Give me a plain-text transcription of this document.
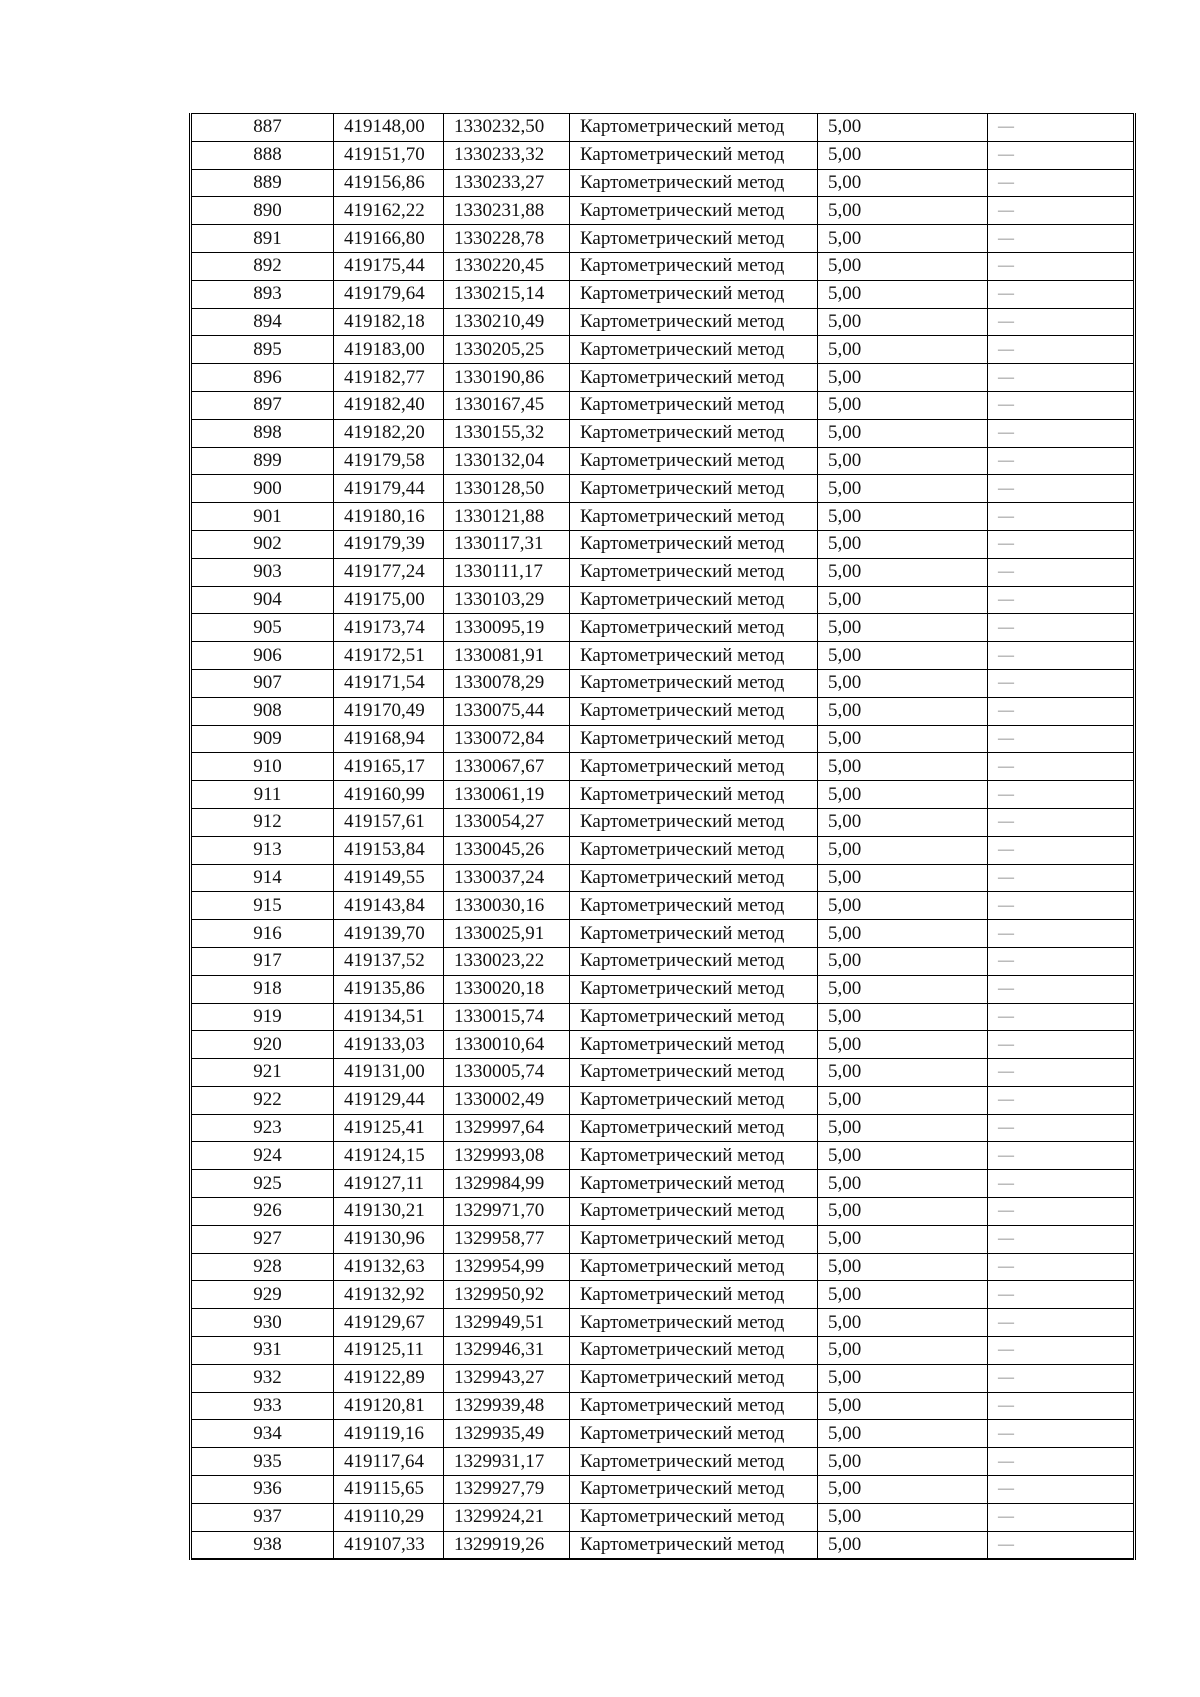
887	419148,00	1330232,50	Картометрический метод	5,00	—
888	419151,70	1330233,32	Картометрический метод	5,00	—
889	419156,86	1330233,27	Картометрический метод	5,00	—
890	419162,22	1330231,88	Картометрический метод	5,00	—
891	419166,80	1330228,78	Картометрический метод	5,00	—
892	419175,44	1330220,45	Картометрический метод	5,00	—
893	419179,64	1330215,14	Картометрический метод	5,00	—
894	419182,18	1330210,49	Картометрический метод	5,00	—
895	419183,00	1330205,25	Картометрический метод	5,00	—
896	419182,77	1330190,86	Картометрический метод	5,00	—
897	419182,40	1330167,45	Картометрический метод	5,00	—
898	419182,20	1330155,32	Картометрический метод	5,00	—
899	419179,58	1330132,04	Картометрический метод	5,00	—
900	419179,44	1330128,50	Картометрический метод	5,00	—
901	419180,16	1330121,88	Картометрический метод	5,00	—
902	419179,39	1330117,31	Картометрический метод	5,00	—
903	419177,24	1330111,17	Картометрический метод	5,00	—
904	419175,00	1330103,29	Картометрический метод	5,00	—
905	419173,74	1330095,19	Картометрический метод	5,00	—
906	419172,51	1330081,91	Картометрический метод	5,00	—
907	419171,54	1330078,29	Картометрический метод	5,00	—
908	419170,49	1330075,44	Картометрический метод	5,00	—
909	419168,94	1330072,84	Картометрический метод	5,00	—
910	419165,17	1330067,67	Картометрический метод	5,00	—
911	419160,99	1330061,19	Картометрический метод	5,00	—
912	419157,61	1330054,27	Картометрический метод	5,00	—
913	419153,84	1330045,26	Картометрический метод	5,00	—
914	419149,55	1330037,24	Картометрический метод	5,00	—
915	419143,84	1330030,16	Картометрический метод	5,00	—
916	419139,70	1330025,91	Картометрический метод	5,00	—
917	419137,52	1330023,22	Картометрический метод	5,00	—
918	419135,86	1330020,18	Картометрический метод	5,00	—
919	419134,51	1330015,74	Картометрический метод	5,00	—
920	419133,03	1330010,64	Картометрический метод	5,00	—
921	419131,00	1330005,74	Картометрический метод	5,00	—
922	419129,44	1330002,49	Картометрический метод	5,00	—
923	419125,41	1329997,64	Картометрический метод	5,00	—
924	419124,15	1329993,08	Картометрический метод	5,00	—
925	419127,11	1329984,99	Картометрический метод	5,00	—
926	419130,21	1329971,70	Картометрический метод	5,00	—
927	419130,96	1329958,77	Картометрический метод	5,00	—
928	419132,63	1329954,99	Картометрический метод	5,00	—
929	419132,92	1329950,92	Картометрический метод	5,00	—
930	419129,67	1329949,51	Картометрический метод	5,00	—
931	419125,11	1329946,31	Картометрический метод	5,00	—
932	419122,89	1329943,27	Картометрический метод	5,00	—
933	419120,81	1329939,48	Картометрический метод	5,00	—
934	419119,16	1329935,49	Картометрический метод	5,00	—
935	419117,64	1329931,17	Картометрический метод	5,00	—
936	419115,65	1329927,79	Картометрический метод	5,00	—
937	419110,29	1329924,21	Картометрический метод	5,00	—
938	419107,33	1329919,26	Картометрический метод	5,00	—
